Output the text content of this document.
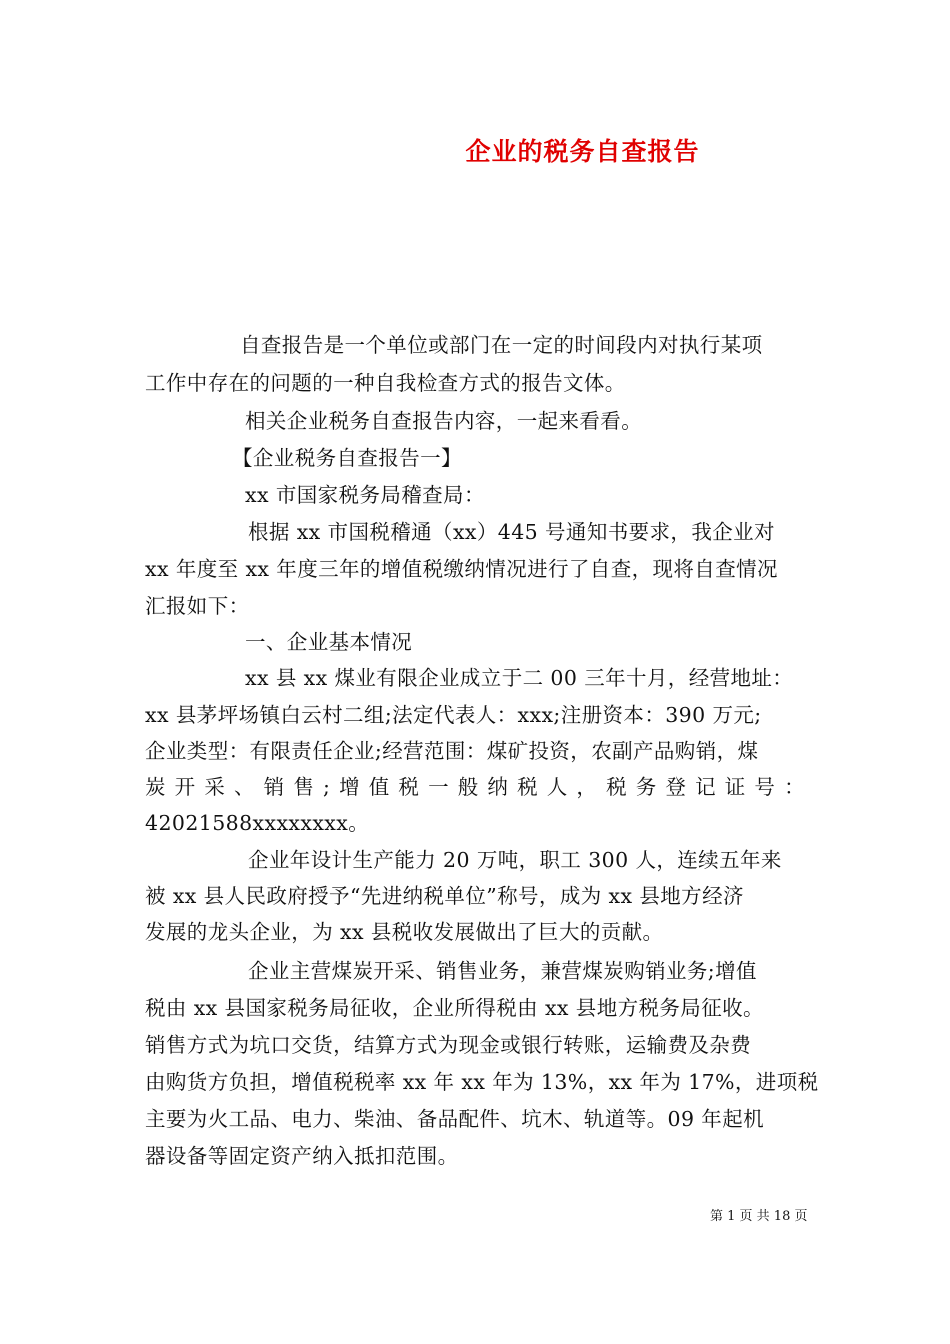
企业的税务自查报告
自查报告是一个单位或部门在一定的时间段内对执行某项
工作中存在的问题的一种自我检查方式的报告文体。
相关企业税务自查报告内容，一起来看看。
【企业税务自查报告一】
xx 市国家税务局稽查局：
根据 xx 市国税稽通（xx）445 号通知书要求，我企业对
xx 年度至 xx 年度三年的增值税缴纳情况进行了自查，现将自查情况
汇报如下：
一、企业基本情况
xx 县 xx 煤业有限企业成立于二 00 三年十月，经营地址：
xx 县茅坪场镇白云村二组;法定代表人：xxx;注册资本：390 万元;
企业类型：有限责任企业;经营范围：煤矿投资，农副产品购销，煤
炭开采、销售;增值税一般纳税人，税务登记证号：
42021588xxxxxxxx。
企业年设计生产能力 20 万吨，职工 300 人，连续五年来
被 xx 县人民政府授予“先进纳税单位”称号，成为 xx 县地方经济
发展的龙头企业，为 xx 县税收发展做出了巨大的贡献。
企业主营煤炭开采、销售业务，兼营煤炭购销业务;增值
税由 xx 县国家税务局征收，企业所得税由 xx 县地方税务局征收。
销售方式为坑口交货，结算方式为现金或银行转账，运输费及杂费
由购货方负担，增值税税率 xx 年 xx 年为 13%，xx 年为 17%，进项税
主要为火工品、电力、柴油、备品配件、坑木、轨道等。09 年起机
器设备等固定资产纳入抵扣范围。
第 1 页 共 18 页
